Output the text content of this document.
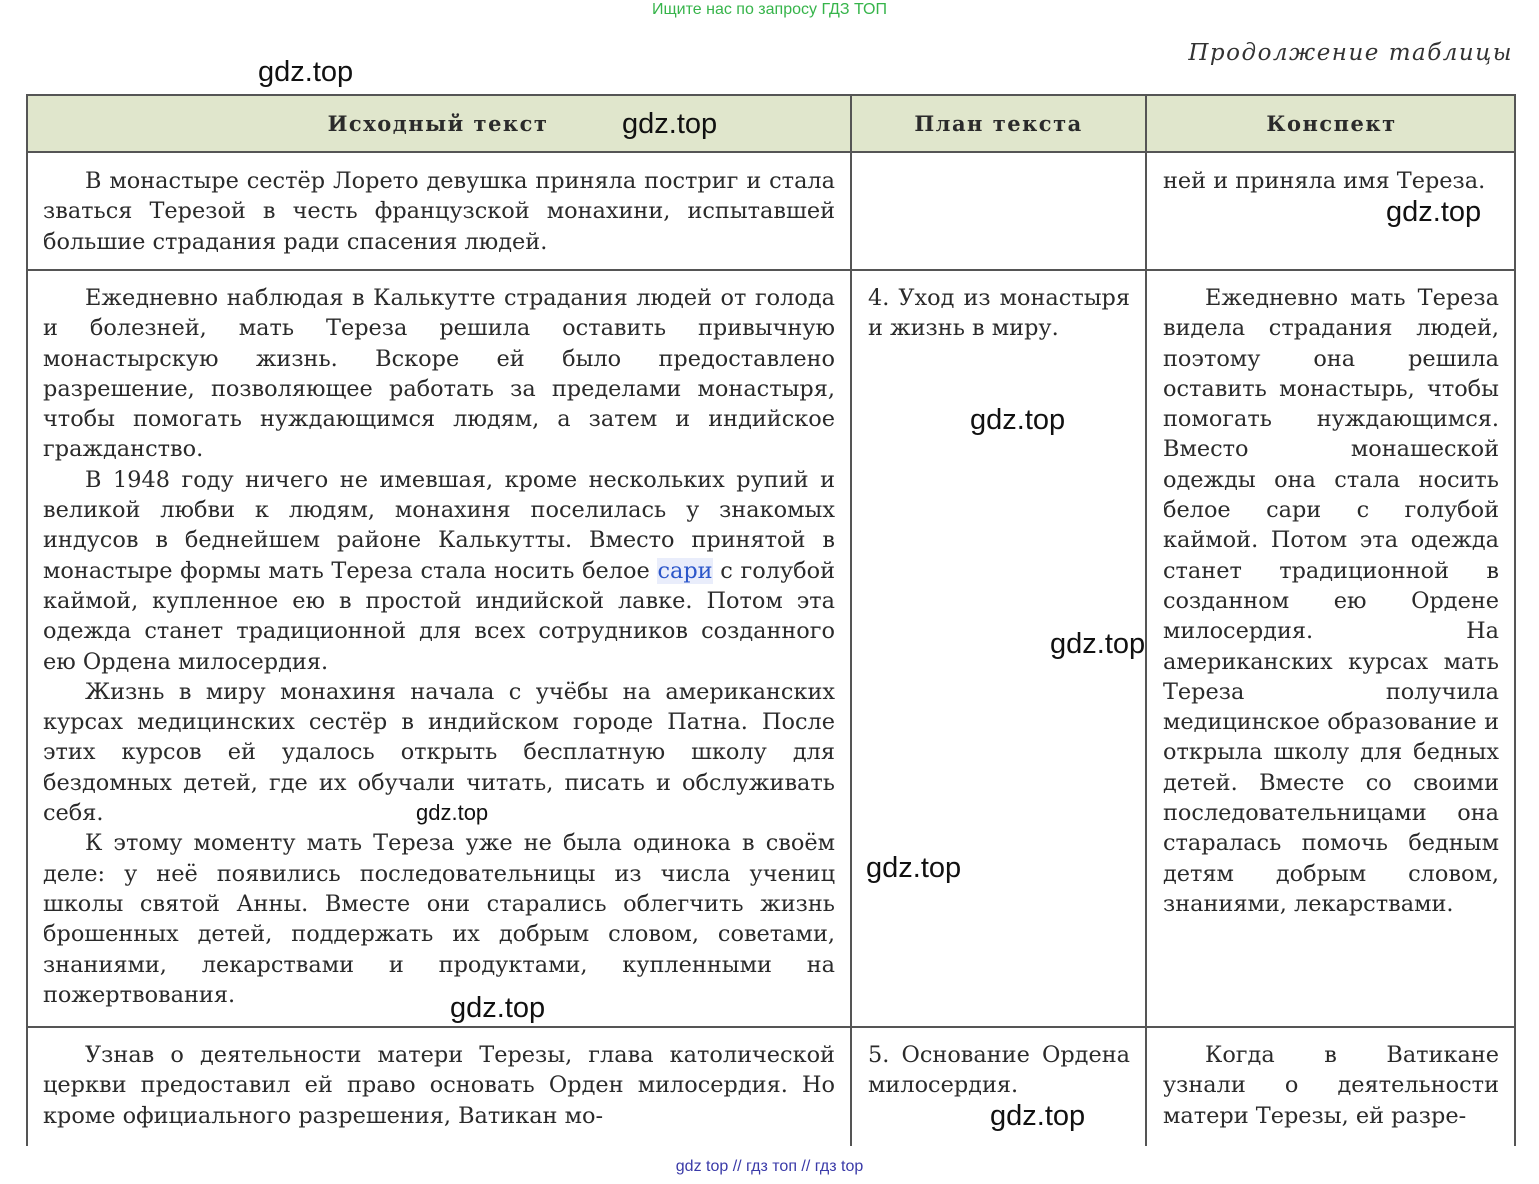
Ищите нас по запросу ГДЗ ТОП
Продолжение таблицы
Исходный текст	План текста	Конспект

В монастыре сестёр Лорето девушка приняла постриг и стала зваться Терезой в честь французской монахини, испытавшей большие страдания ради спасения людей.

ней и приняла имя Тереза.

Ежедневно наблюдая в Калькутте страдания людей от голода и болезней, мать Тереза решила оставить привычную монастырскую жизнь. Вскоре ей было предоставлено разрешение, позволяющее работать за пределами монастыря, чтобы помогать нуждающимся людям, а затем и индийское гражданство.

В 1948 году ничего не имевшая, кроме нескольких рупий и великой любви к людям, монахиня поселилась у знакомых индусов в беднейшем районе Калькутты. Вместо принятой в монастыре формы мать Тереза стала носить белое сари с голубой каймой, купленное ею в простой индийской лавке. Потом эта одежда станет традиционной для всех сотрудников созданного ею Ордена милосердия.

Жизнь в миру монахиня начала с учёбы на американских курсах медицинских сестёр в индийском городе Патна. После этих курсов ей удалось открыть бесплатную школу для бездомных детей, где их обучали читать, писать и обслуживать себя.

К этому моменту мать Тереза уже не была одинока в своём деле: у неё появились последовательницы из числа учениц школы святой Анны. Вместе они старались облегчить жизнь брошенных детей, поддержать их добрым словом, советами, знаниями, лекарствами и продуктами, купленными на пожертвования.

4. Уход из монастыря и жизнь в миру.

Ежедневно мать Тереза видела страдания людей, поэтому она решила оставить монастырь, чтобы помогать нуждающимся. Вместо монашеской одежды она стала носить белое сари с голубой каймой. Потом эта одежда станет традиционной в созданном ею Ордене милосердия. На американских курсах мать Тереза получила медицинское образование и открыла школу для бедных детей. Вместе со своими последовательницами она старалась помочь бедным детям добрым словом, знаниями, лекарствами.

Узнав о деятельности матери Терезы, глава католической церкви предоставил ей право основать Орден милосердия. Но кроме официального разрешения, Ватикан мо-

5. Основание Ордена милосердия.

Когда в Ватикане узнали о деятельности матери Терезы, ей разре-

gdz.top
gdz.top
gdz.top
gdz.top
gdz.top
gdz.top
gdz.top
gdz.top
gdz.top
gdz top // гдз топ // гдз top
